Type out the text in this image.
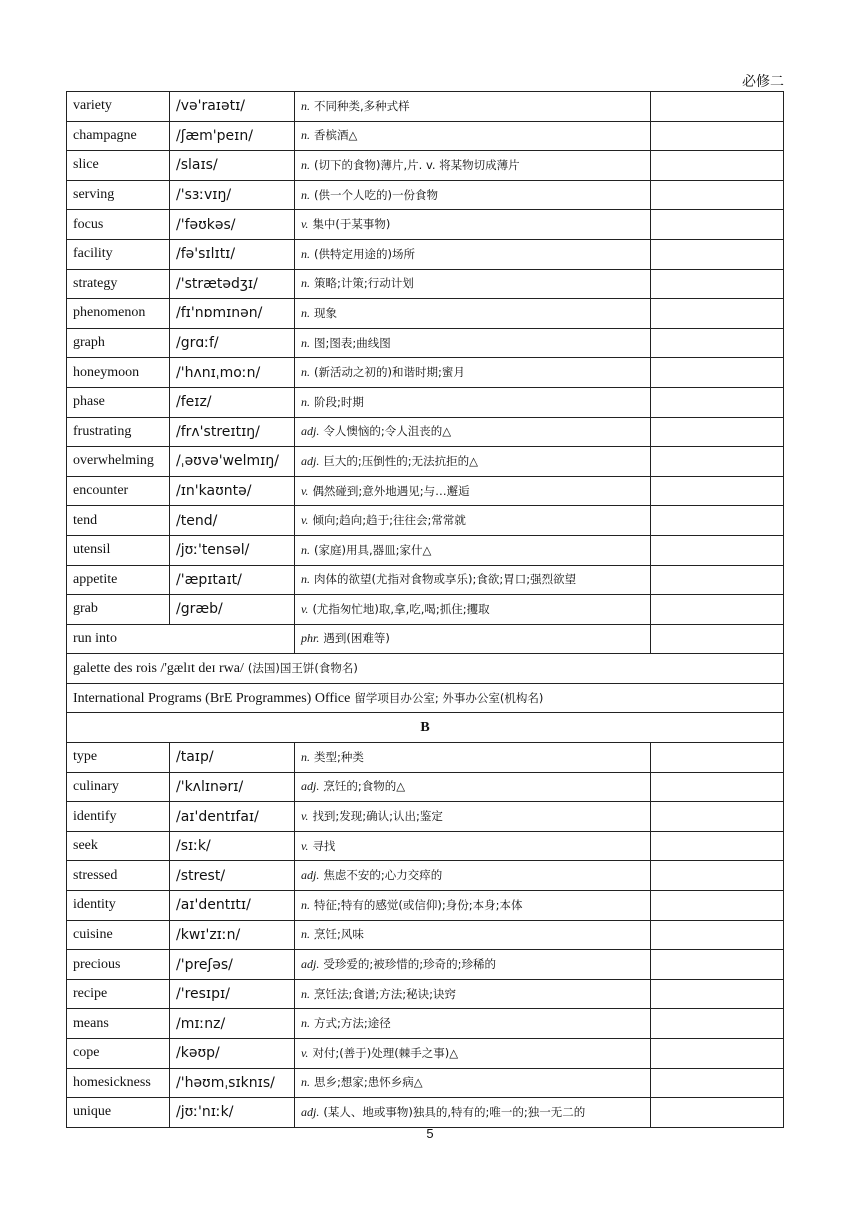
必修二
variety	/və'raɪətɪ/	n. 不同种类,多种式样	
champagne	/ʃæm'peɪn/	n. 香槟酒△	
slice	/slaɪs/	n. (切下的食物)薄片,片. v. 将某物切成薄片	
serving	/'sɜːvɪŋ/	n. (供一个人吃的)一份食物	
focus	/'fəʊkəs/	v. 集中(于某事物)	
facility	/fə'sɪlɪtɪ/	n. (供特定用途的)场所	
strategy	/'strætədʒɪ/	n. 策略;计策;行动计划	
phenomenon	/fɪ'nɒmɪnən/	n. 现象	
graph	/grɑːf/	n. 图;图表;曲线图	
honeymoon	/'hʌnɪˌmoːn/	n. (新活动之初的)和谐时期;蜜月	
phase	/feɪz/	n. 阶段;时期	
frustrating	/frʌ'streɪtɪŋ/	adj. 令人懊恼的;令人沮丧的△	
overwhelming	/ˌəʊvə'welmɪŋ/	adj. 巨大的;压倒性的;无法抗拒的△	
encounter	/ɪn'kaʊntə/	v. 偶然碰到;意外地遇见;与…邂逅	
tend	/tend/	v. 倾向;趋向;趋于;往往会;常常就	
utensil	/jʊː'tensəl/	n. (家庭)用具,器皿;家什△	
appetite	/'æpɪtaɪt/	n. 肉体的欲望(尤指对食物或享乐);食欲;胃口;强烈欲望	
grab	/græb/	v. (尤指匆忙地)取,拿,吃,喝;抓住;攫取	
run into		phr. 遇到(困难等)	
galette des rois /'gælɪt deɪ rwa/ (法国)国王饼(食物名)			
International Programs (BrE Programmes) Office 留学项目办公室; 外事办公室(机构名)			
B			
type	/taɪp/	n. 类型;种类	
culinary	/'kʌlɪnərɪ/	adj. 烹饪的;食物的△	
identify	/aɪ'dentɪfaɪ/	v. 找到;发现;确认;认出;鉴定	
seek	/sɪːk/	v. 寻找	
stressed	/strest/	adj. 焦虑不安的;心力交瘁的	
identity	/aɪ'dentɪtɪ/	n. 特征;特有的感觉(或信仰);身份;本身;本体	
cuisine	/kwɪ'zɪːn/	n. 烹饪;风味	
precious	/'preʃəs/	adj. 受珍爱的;被珍惜的;珍奇的;珍稀的	
recipe	/'resɪpɪ/	n. 烹饪法;食谱;方法;秘诀;诀窍	
means	/mɪːnz/	n. 方式;方法;途径	
cope	/kəʊp/	v. 对付;(善于)处理(棘手之事)△	
homesickness	/'həʊmˌsɪknɪs/	n. 思乡;想家;患怀乡病△	
unique	/jʊː'nɪːk/	adj. (某人、地或事物)独具的,特有的;唯一的;独一无二的	
5
